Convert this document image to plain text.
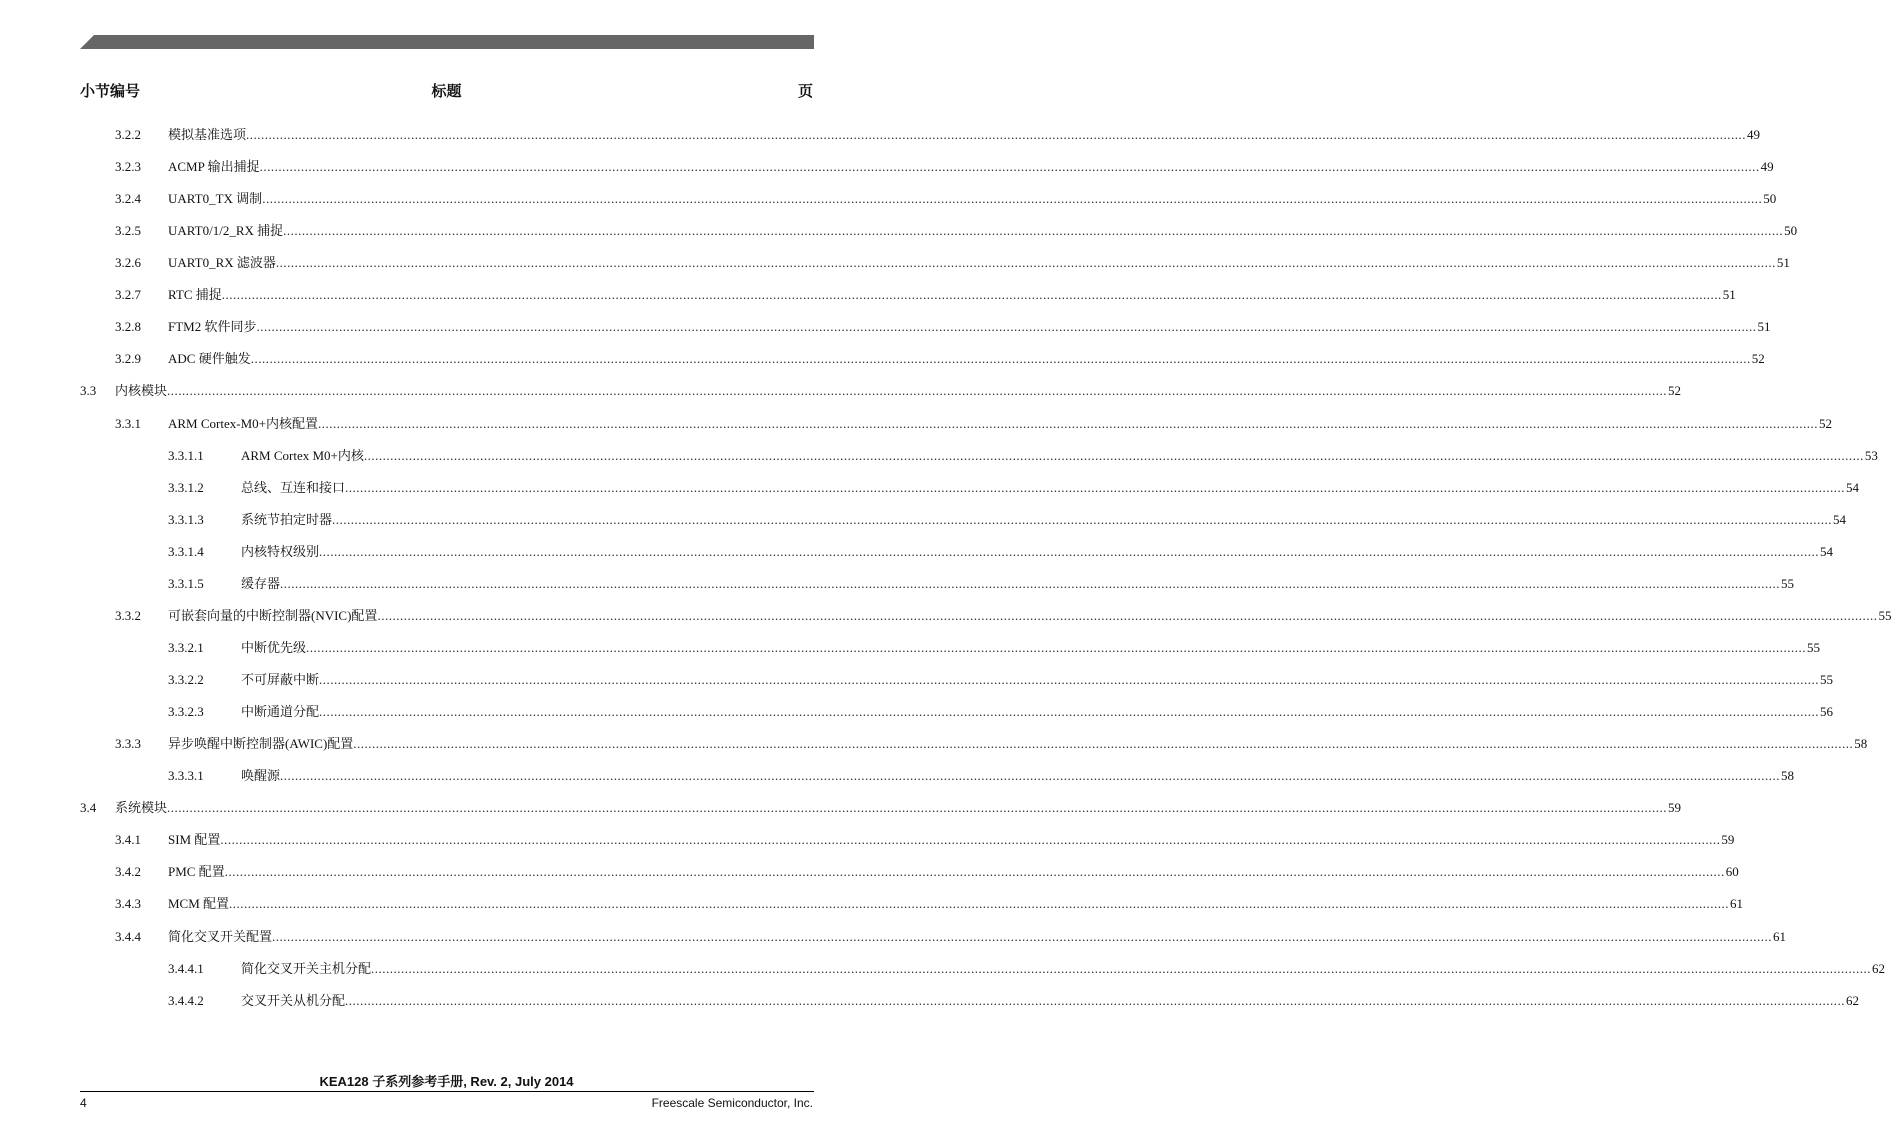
小节编号	标题	页
3.2.2 模拟基准选项 ................................................................................................................................................................................................................................................................................................................................................................................................................ 49
3.2.3 ACMP 输出捕捉 ................................................................................................................................................................................................................................................................................................................................................................................................................ 49
3.2.4 UART0_TX 调制 ................................................................................................................................................................................................................................................................................................................................................................................................................ 50
3.2.5 UART0/1/2_RX 捕捉 ................................................................................................................................................................................................................................................................................................................................................................................................................ 50
3.2.6 UART0_RX 滤波器 ................................................................................................................................................................................................................................................................................................................................................................................................................ 51
3.2.7 RTC 捕捉 ................................................................................................................................................................................................................................................................................................................................................................................................................ 51
3.2.8 FTM2 软件同步 ................................................................................................................................................................................................................................................................................................................................................................................................................ 51
3.2.9 ADC 硬件触发 ................................................................................................................................................................................................................................................................................................................................................................................................................ 52
3.3 内核模块 ................................................................................................................................................................................................................................................................................................................................................................................................................ 52
3.3.1 ARM Cortex-M0+内核配置 ................................................................................................................................................................................................................................................................................................................................................................................................................ 52
3.3.1.1	ARM Cortex M0+内核 ................................................................................................................................................................................................................................................................................................................................................................................................................ 53
3.3.1.2	总线、互连和接口 ................................................................................................................................................................................................................................................................................................................................................................................................................ 54
3.3.1.3	系统节拍定时器 ................................................................................................................................................................................................................................................................................................................................................................................................................ 54
3.3.1.4	内核特权级别 ................................................................................................................................................................................................................................................................................................................................................................................................................ 54
3.3.1.5	缓存器 ................................................................................................................................................................................................................................................................................................................................................................................................................ 55
3.3.2 可嵌套向量的中断控制器(NVIC)配置 ................................................................................................................................................................................................................................................................................................................................................................................................................ 55
3.3.2.1	中断优先级 ................................................................................................................................................................................................................................................................................................................................................................................................................ 55
3.3.2.2	不可屏蔽中断 ................................................................................................................................................................................................................................................................................................................................................................................................................ 55
3.3.2.3	中断通道分配 ................................................................................................................................................................................................................................................................................................................................................................................................................ 56
3.3.3 异步唤醒中断控制器(AWIC)配置 ................................................................................................................................................................................................................................................................................................................................................................................................................ 58
3.3.3.1	唤醒源 ................................................................................................................................................................................................................................................................................................................................................................................................................ 58
3.4 系统模块 ................................................................................................................................................................................................................................................................................................................................................................................................................ 59
3.4.1 SIM 配置 ................................................................................................................................................................................................................................................................................................................................................................................................................ 59
3.4.2 PMC 配置 ................................................................................................................................................................................................................................................................................................................................................................................................................ 60
3.4.3 MCM 配置 ................................................................................................................................................................................................................................................................................................................................................................................................................ 61
3.4.4 简化交叉开关配置 ................................................................................................................................................................................................................................................................................................................................................................................................................ 61
3.4.4.1	简化交叉开关主机分配 ................................................................................................................................................................................................................................................................................................................................................................................................................ 62
3.4.4.2	交叉开关从机分配 ................................................................................................................................................................................................................................................................................................................................................................................................................ 62
KEA128 子系列参考手册, Rev. 2, July 2014
4	Freescale Semiconductor, Inc.
